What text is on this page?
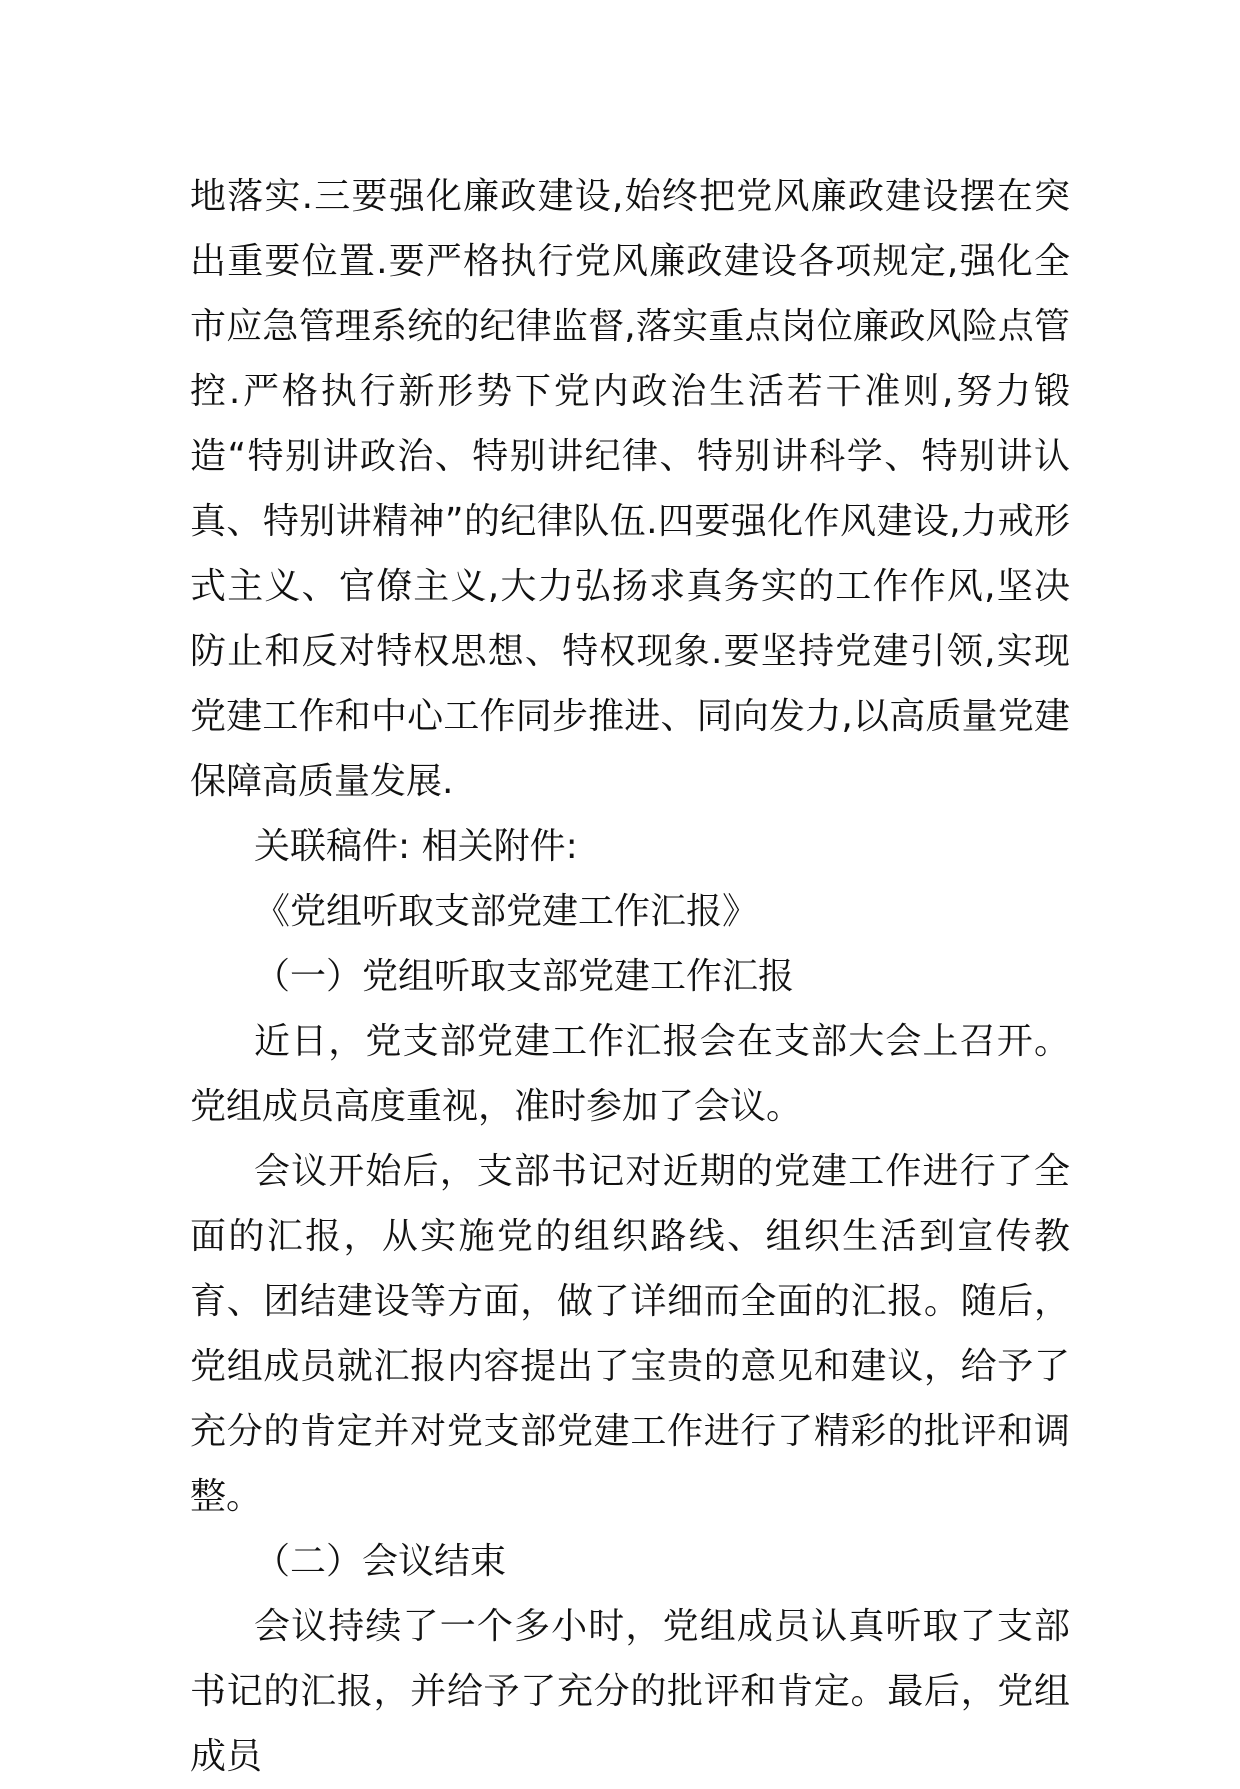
地落实.三要强化廉政建设,始终把党风廉政建设摆在突出重要位置.要严格执行党风廉政建设各项规定,强化全市应急管理系统的纪律监督,落实重点岗位廉政风险点管控.严格执行新形势下党内政治生活若干准则,努力锻造“特别讲政治、特别讲纪律、特别讲科学、特别讲认真、特别讲精神”的纪律队伍.四要强化作风建设,力戒形式主义、官僚主义,大力弘扬求真务实的工作作风,坚决防止和反对特权思想、特权现象.要坚持党建引领,实现党建工作和中心工作同步推进、同向发力,以高质量党建保障高质量发展.

关联稿件: 相关附件:

《党组听取支部党建工作汇报》

（一）党组听取支部党建工作汇报

近日，党支部党建工作汇报会在支部大会上召开。党组成员高度重视，准时参加了会议。

会议开始后，支部书记对近期的党建工作进行了全面的汇报，从实施党的组织路线、组织生活到宣传教育、团结建设等方面，做了详细而全面的汇报。随后，党组成员就汇报内容提出了宝贵的意见和建议，给予了充分的肯定并对党支部党建工作进行了精彩的批评和调整。

（二）会议结束

会议持续了一个多小时，党组成员认真听取了支部书记的汇报，并给予了充分的批评和肯定。最后，党组成员
